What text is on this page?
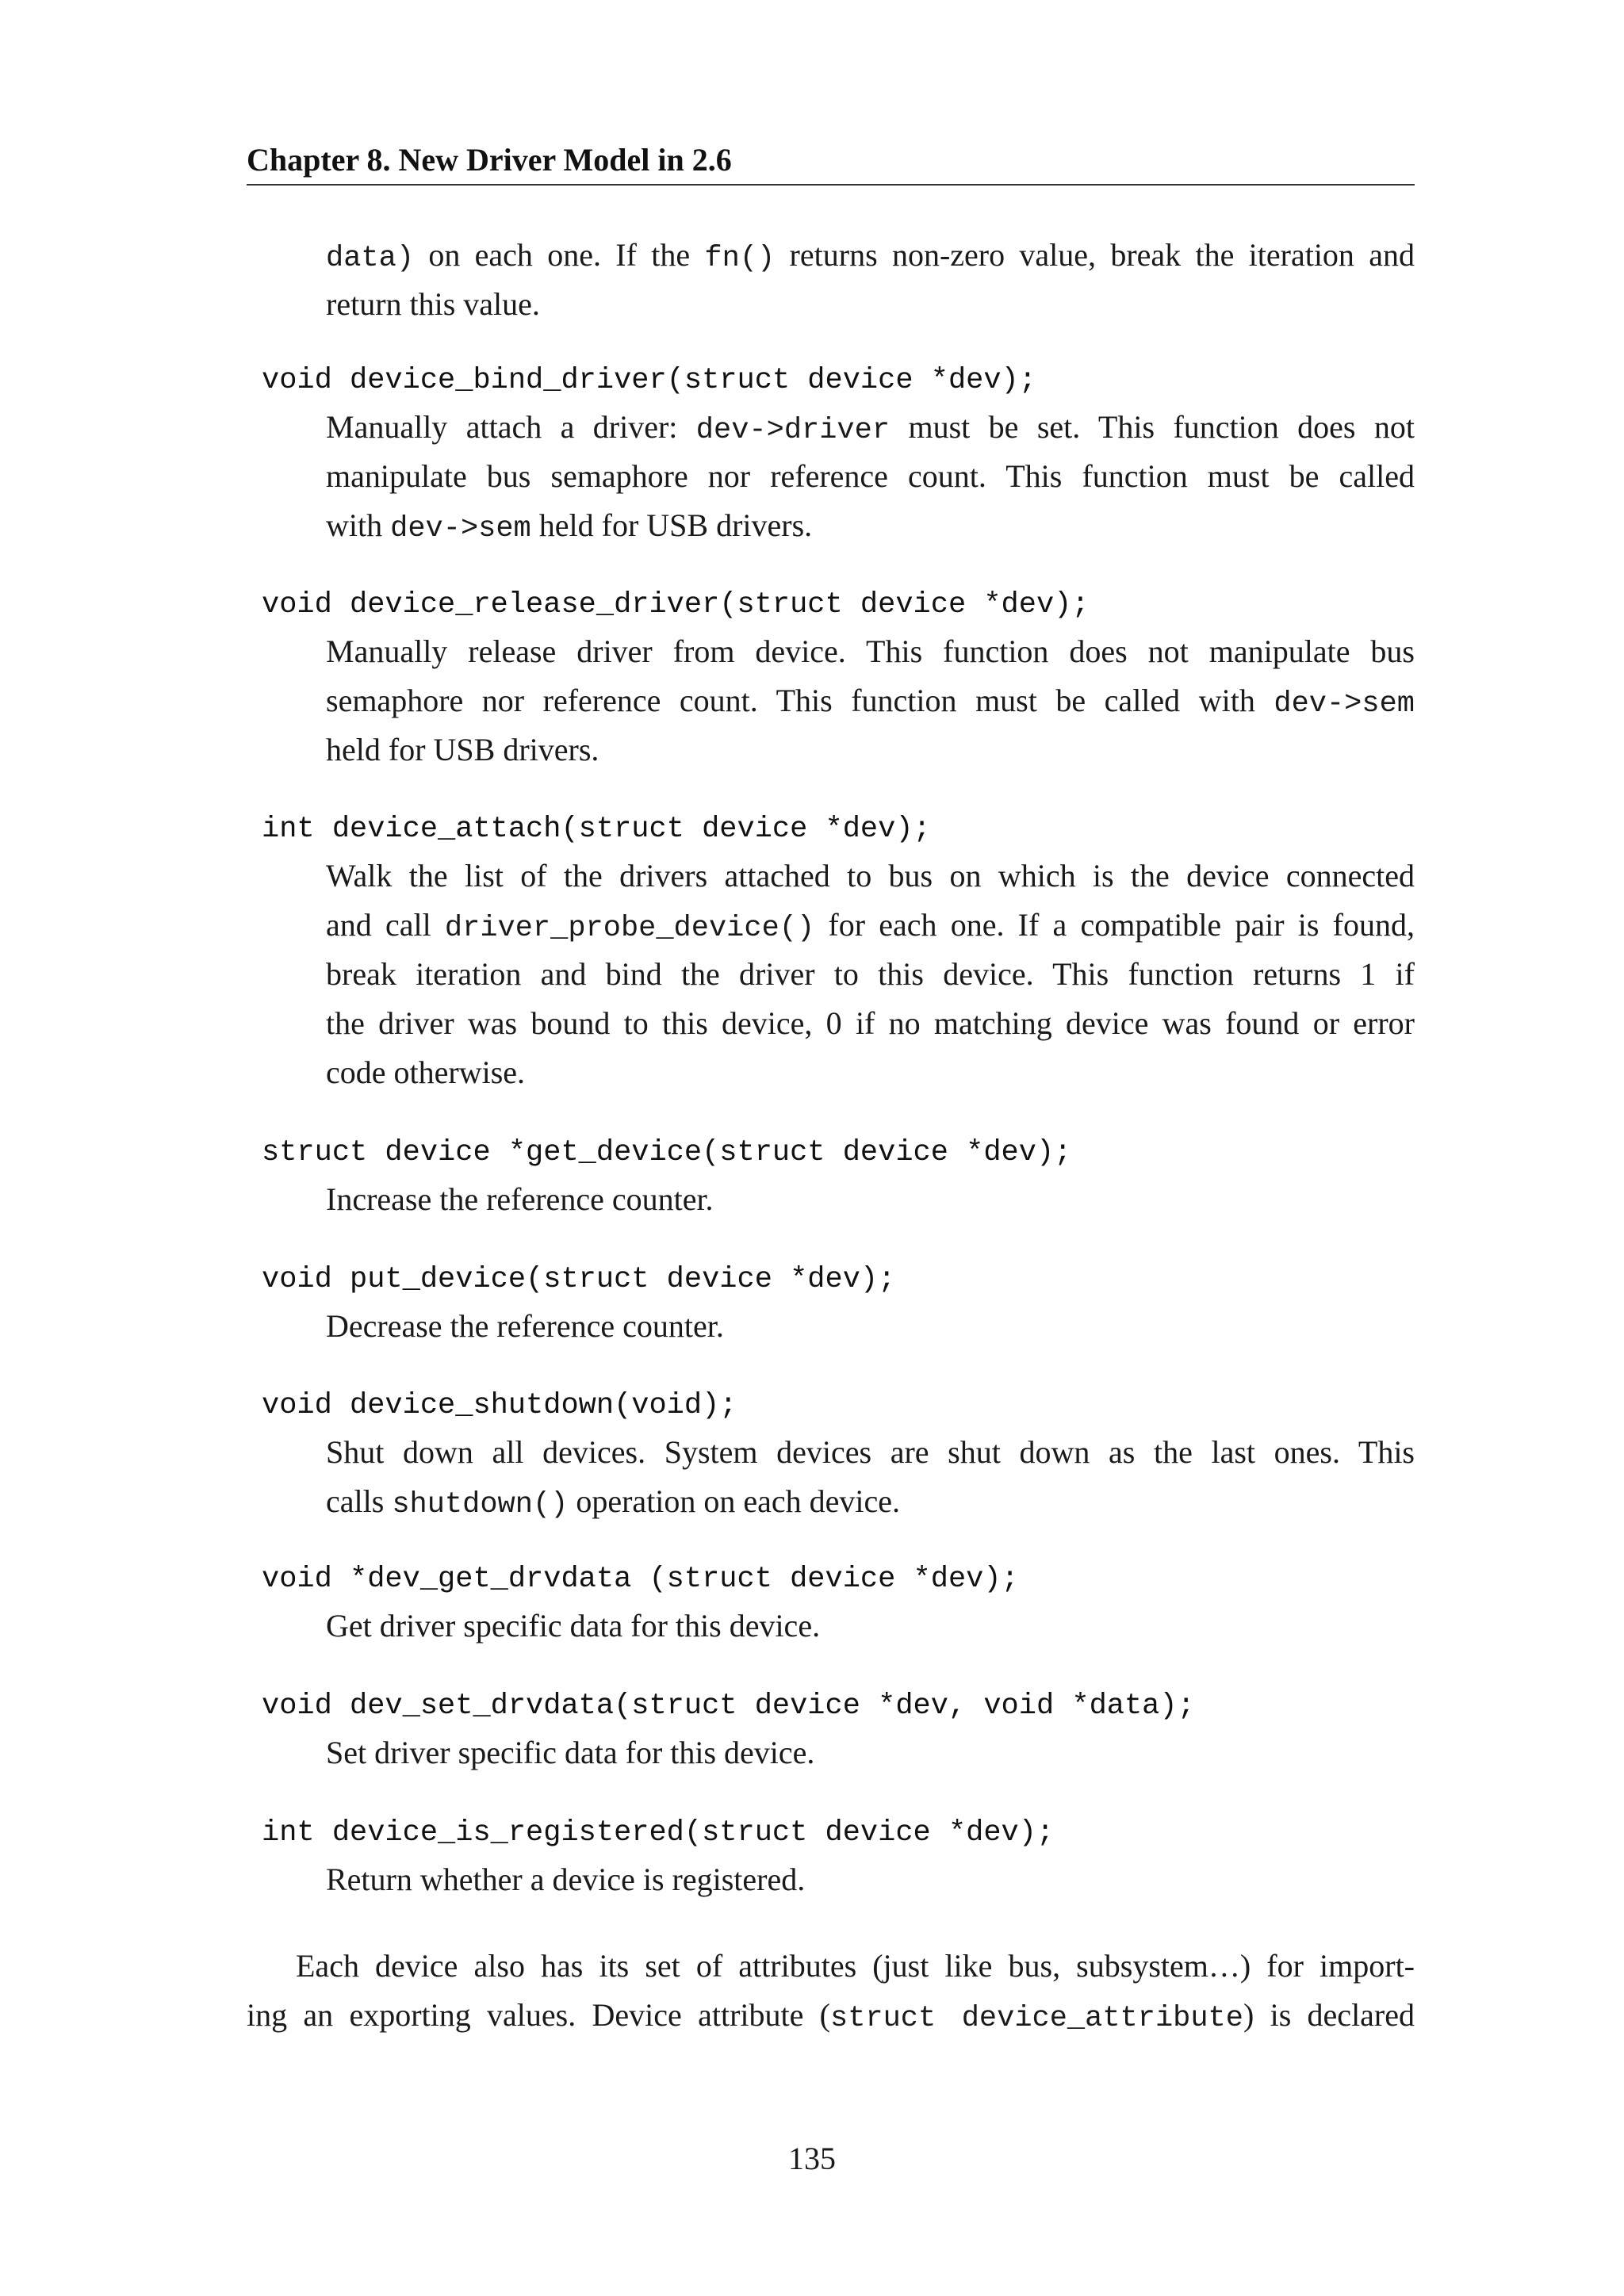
Chapter 8. New Driver Model in 2.6
data) on each one. If the fn() returns non-zero value, break the iteration and
return this value.
void device_bind_driver(struct device *dev);
Manually attach a driver: dev->driver must be set. This function does not
manipulate bus semaphore nor reference count. This function must be called
with dev->sem held for USB drivers.
void device_release_driver(struct device *dev);
Manually release driver from device. This function does not manipulate bus
semaphore nor reference count. This function must be called with dev->sem
held for USB drivers.
int device_attach(struct device *dev);
Walk the list of the drivers attached to bus on which is the device connected
and call driver_probe_device() for each one. If a compatible pair is found,
break iteration and bind the driver to this device. This function returns 1 if
the driver was bound to this device, 0 if no matching device was found or error
code otherwise.
struct device *get_device(struct device *dev);
Increase the reference counter.
void put_device(struct device *dev);
Decrease the reference counter.
void device_shutdown(void);
Shut down all devices. System devices are shut down as the last ones. This
calls shutdown() operation on each device.
void *dev_get_drvdata (struct device *dev);
Get driver specific data for this device.
void dev_set_drvdata(struct device *dev, void *data);
Set driver specific data for this device.
int device_is_registered(struct device *dev);
Return whether a device is registered.
Each device also has its set of attributes (just like bus, subsystem…) for import-
ing an exporting values. Device attribute (struct device_attribute) is declared
135
